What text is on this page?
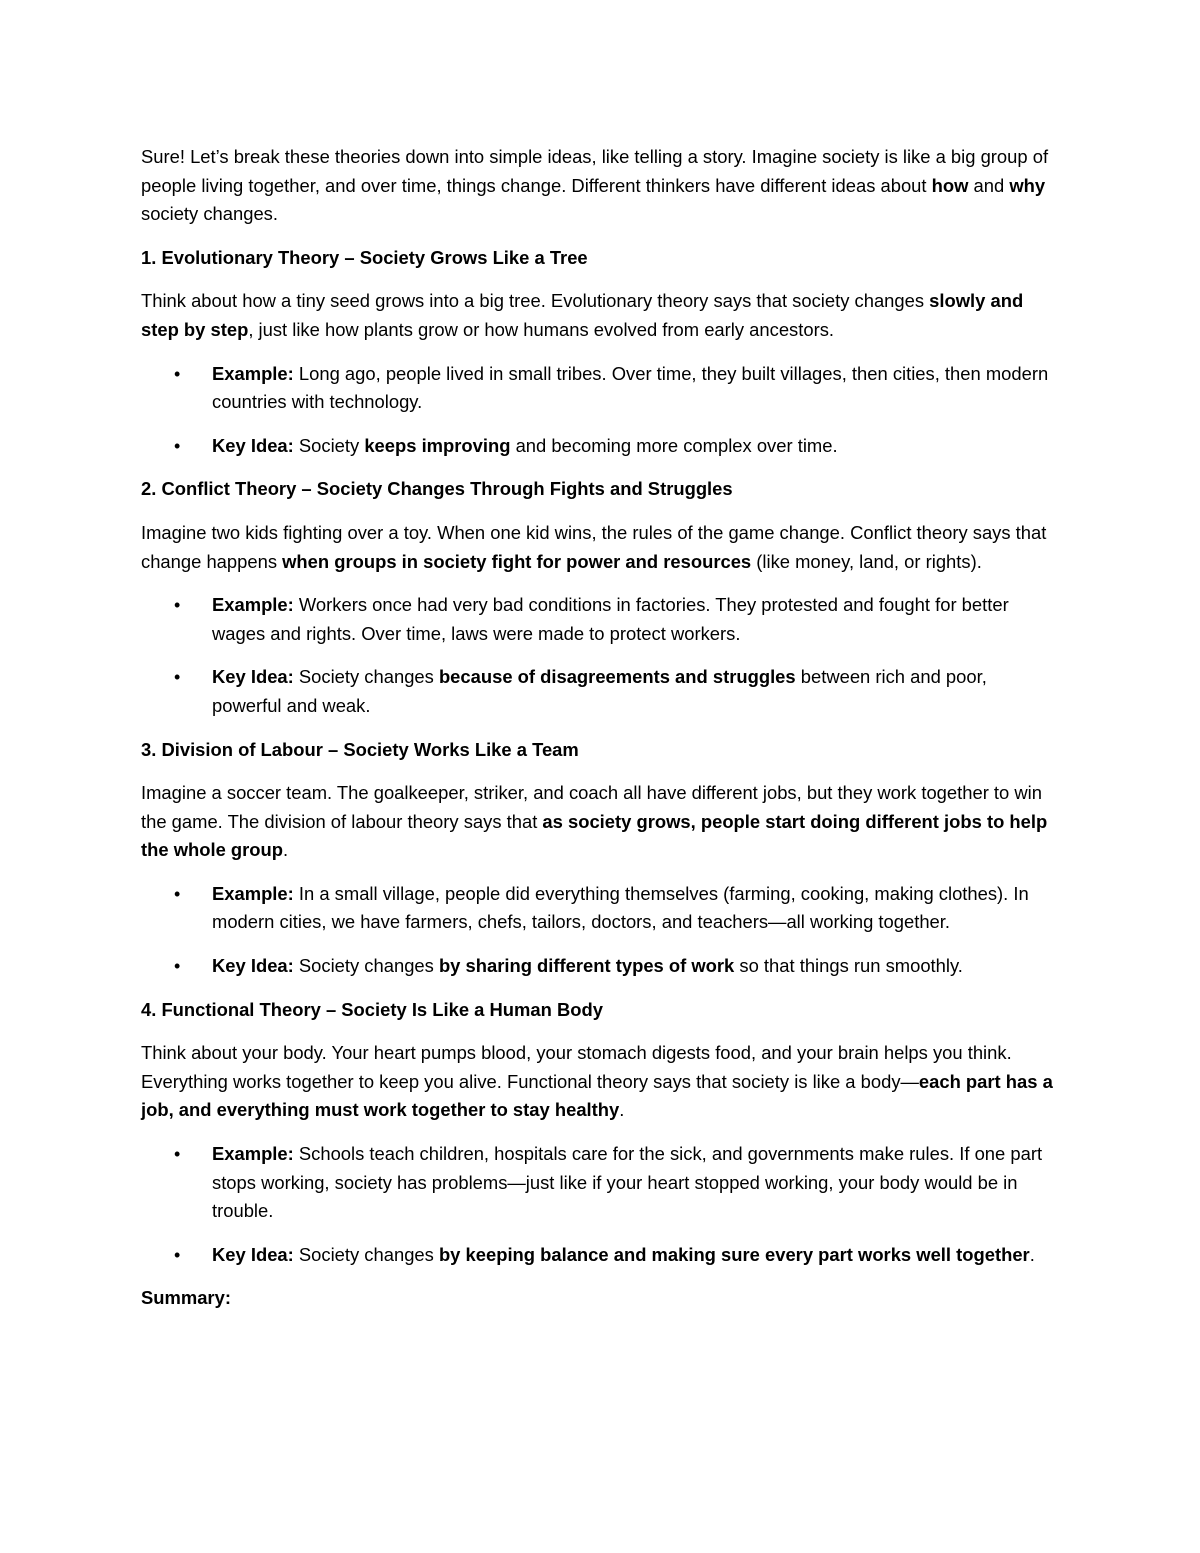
Sure! Let’s break these theories down into simple ideas, like telling a story. Imagine society is like a big group of people living together, and over time, things change. Different thinkers have different ideas about how and why society changes.

1. Evolutionary Theory – Society Grows Like a Tree

Think about how a tiny seed grows into a big tree. Evolutionary theory says that society changes slowly and step by step, just like how plants grow or how humans evolved from early ancestors.

• Example: Long ago, people lived in small tribes. Over time, they built villages, then cities, then modern countries with technology.
• Key Idea: Society keeps improving and becoming more complex over time.

2. Conflict Theory – Society Changes Through Fights and Struggles

Imagine two kids fighting over a toy. When one kid wins, the rules of the game change. Conflict theory says that change happens when groups in society fight for power and resources (like money, land, or rights).

• Example: Workers once had very bad conditions in factories. They protested and fought for better wages and rights. Over time, laws were made to protect workers.
• Key Idea: Society changes because of disagreements and struggles between rich and poor, powerful and weak.

3. Division of Labour – Society Works Like a Team

Imagine a soccer team. The goalkeeper, striker, and coach all have different jobs, but they work together to win the game. The division of labour theory says that as society grows, people start doing different jobs to help the whole group.

• Example: In a small village, people did everything themselves (farming, cooking, making clothes). In modern cities, we have farmers, chefs, tailors, doctors, and teachers—all working together.
• Key Idea: Society changes by sharing different types of work so that things run smoothly.

4. Functional Theory – Society Is Like a Human Body

Think about your body. Your heart pumps blood, your stomach digests food, and your brain helps you think. Everything works together to keep you alive. Functional theory says that society is like a body—each part has a job, and everything must work together to stay healthy.

• Example: Schools teach children, hospitals care for the sick, and governments make rules. If one part stops working, society has problems—just like if your heart stopped working, your body would be in trouble.
• Key Idea: Society changes by keeping balance and making sure every part works well together.

Summary:
